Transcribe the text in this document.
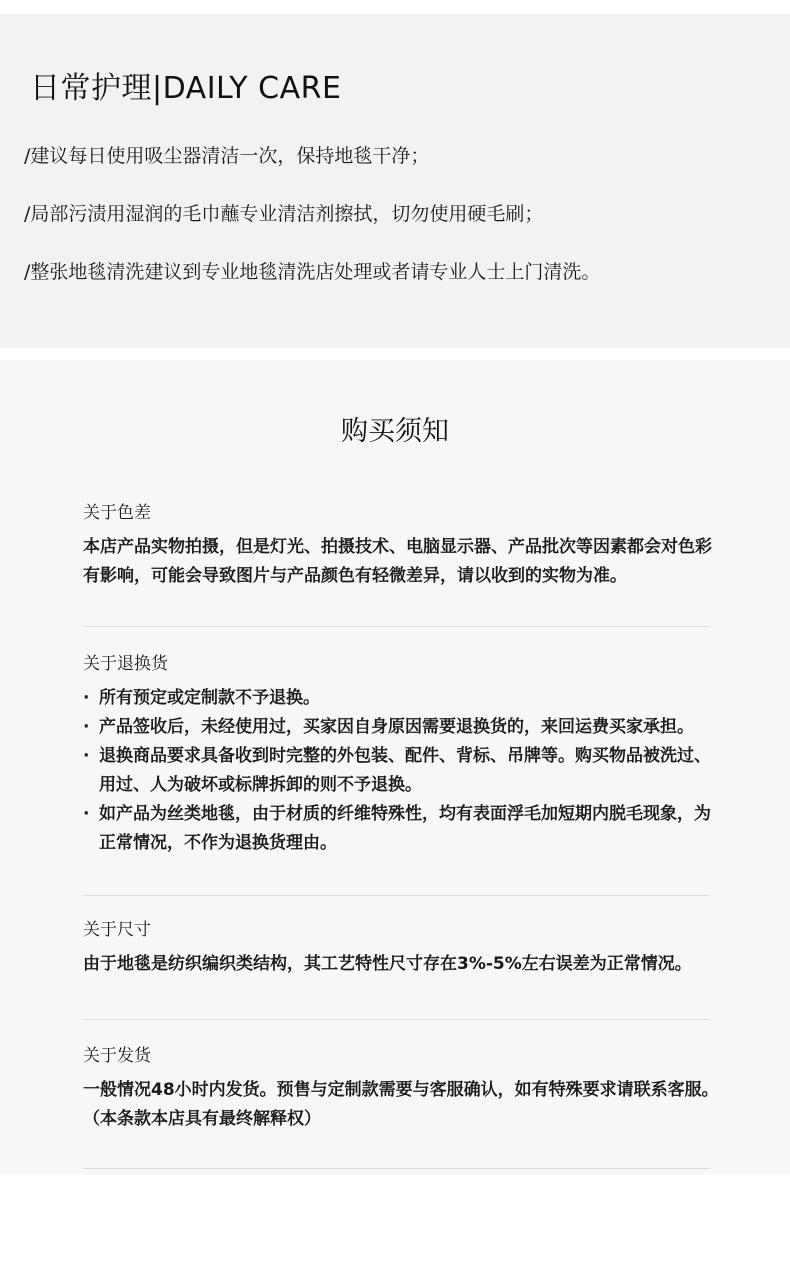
日常护理|DAILY CARE
/建议每日使用吸尘器清洁一次，保持地毯干净；
/局部污渍用湿润的毛巾蘸专业清洁剂擦拭，切勿使用硬毛刷；
/整张地毯清洗建议到专业地毯清洗店处理或者请专业人士上门清洗。
购买须知
关于色差

本店产品实物拍摄，但是灯光、拍摄技术、电脑显示器、产品批次等因素都会对色彩有影响，可能会导致图片与产品颜色有轻微差异，请以收到的实物为准。

关于退换货
· 所有预定或定制款不予退换。
· 产品签收后，未经使用过，买家因自身原因需要退换货的，来回运费买家承担。
· 退换商品要求具备收到时完整的外包装、配件、背标、吊牌等。购买物品被洗过、用过、人为破坏或标牌拆卸的则不予退换。
· 如产品为丝类地毯，由于材质的纤维特殊性，均有表面浮毛加短期内脱毛现象，为正常情况，不作为退换货理由。
关于尺寸

由于地毯是纺织编织类结构，其工艺特性尺寸存在3%-5%左右误差为正常情况。

关于发货

一般情况48小时内发货。预售与定制款需要与客服确认，如有特殊要求请联系客服。

（本条款本店具有最终解释权）
